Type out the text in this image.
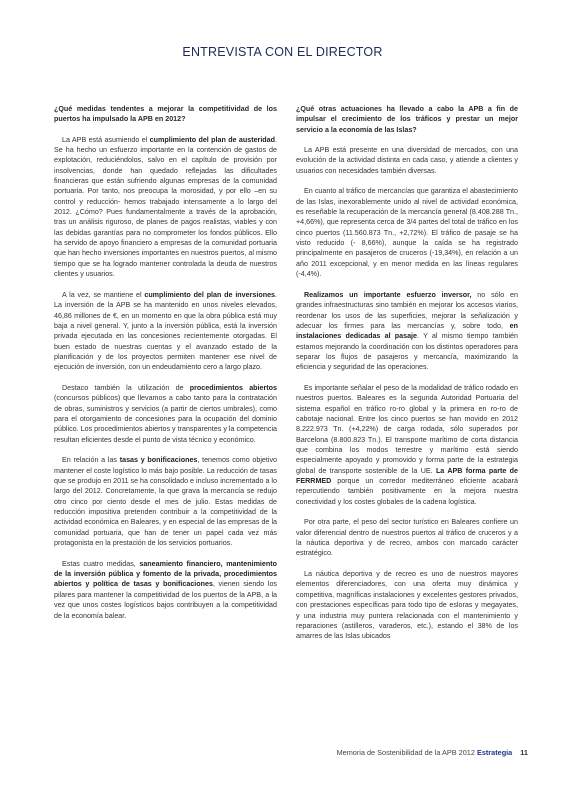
ENTREVISTA CON EL DIRECTOR
¿Qué medidas tendentes a mejorar la competitividad de los puertos ha impulsado la APB en 2012?
La APB está asumiendo el cumplimiento del plan de austeridad. Se ha hecho un esfuerzo importante en la contención de gastos de explotación, reduciéndolos, salvo en el capítulo de provisión por insolvencias, donde han quedado reflejadas las dificultades financieras que están sufriendo algunas empresas de la comunidad portuaria. Por tanto, nos preocupa la morosidad, y por ello –en su control y reducción- hemos trabajado intensamente a lo largo del 2012. ¿Cómo? Pues fundamentalmente a través de la aprobación, tras un análisis riguroso, de planes de pagos realistas, viables y con las debidas garantías para no comprometer los fondos públicos. Ello ha servido de apoyo financiero a empresas de la comunidad portuaria que han hecho inversiones importantes en nuestros puertos, al mismo tiempo que se ha logrado mantener controlada la deuda de nuestros clientes y usuarios.
A la vez, se mantiene el cumplimiento del plan de inversiones. La inversión de la APB se ha mantenido en unos niveles elevados, 46,86 millones de €, en un momento en que la obra pública está muy baja a nivel general. Y, junto a la inversión pública, está la inversión privada ejecutada en las concesiones recientemente otorgadas. El buen estado de nuestras cuentas y el avanzado estado de la planificación y de los proyectos permiten mantener ese nivel de ejecución de inversión, con un endeudamiento cero a largo plazo.
Destaco también la utilización de procedimientos abiertos (concursos públicos) que llevamos a cabo tanto para la contratación de obras, suministros y servicios (a partir de ciertos umbrales), como para el otorgamiento de concesiones para la ocupación del dominio público. Los procedimientos abiertos y transparentes y la competencia resultan eficientes desde el punto de vista técnico y económico.
En relación a las tasas y bonificaciones, tenemos como objetivo mantener el coste logístico lo más bajo posible. La reducción de tasas que se produjo en 2011 se ha consolidado e incluso incrementado a lo largo del 2012. Concretamente, la que grava la mercancía se redujo otro cinco por ciento desde el mes de julio. Estas medidas de reducción impositiva pretenden contribuir a la competitividad de la actividad económica en Baleares, y en especial de las empresas de la comunidad portuaria, que han de tener un papel cada vez más protagonista en la prestación de los servicios portuarios.
Estas cuatro medidas, saneamiento financiero, mantenimiento de la inversión pública y fomento de la privada, procedimientos abiertos y política de tasas y bonificaciones, vienen siendo los pilares para mantener la competitividad de los puertos de la APB, a la vez que unos costes logísticos bajos contribuyen a la competitividad de la economía balear.
¿Qué otras actuaciones ha llevado a cabo la APB a fin de impulsar el crecimiento de los tráficos y prestar un mejor servicio a la economía de las Islas?
La APB está presente en una diversidad de mercados, con una evolución de la actividad distinta en cada caso, y atiende a clientes y usuarios con necesidades también diversas.
En cuanto al tráfico de mercancías que garantiza el abastecimiento de las Islas, inexorablemente unido al nivel de actividad económica, es reseñable la recuperación de la mercancía general (8.408.288 Tn., +4,66%), que representa cerca de 3/4 partes del total de tráfico en los cinco puertos (11.560.873 Tn., +2,72%). El tráfico de pasaje se ha visto reducido (- 8,66%), aunque la caída se ha registrado principalmente en pasajeros de cruceros (-19,34%), en relación a un año 2011 excepcional, y en menor medida en las líneas regulares (-4,4%).
Realizamos un importante esfuerzo inversor, no sólo en grandes infraestructuras sino también en mejorar los accesos viarios, reordenar los usos de las superficies, mejorar la señalización y adecuar los firmes para las mercancías y, sobre todo, en instalaciones dedicadas al pasaje. Y al mismo tiempo también estamos mejorando la coordinación con los distintos operadores para separar los flujos de pasajeros y mercancía, maximizando la eficiencia y seguridad de las operaciones.
Es importante señalar el peso de la modalidad de tráfico rodado en nuestros puertos. Baleares es la segunda Autoridad Portuaria del sistema español en tráfico ro-ro global y la primera en ro-ro de cabotaje nacional. Entre los cinco puertos se han movido en 2012 8.222.973 Tn. (+4,22%) de carga rodada, sólo superados por Barcelona (8.800.823 Tn.). El transporte marítimo de corta distancia que combina los modos terrestre y marítimo está siendo especialmente apoyado y promovido y forma parte de la estrategia global de transporte sostenible de la UE. La APB forma parte de FERRMED porque un corredor mediterráneo eficiente acabará repercutiendo también positivamente en la mejora nuestra conectividad y los costes globales de la cadena logística.
Por otra parte, el peso del sector turístico en Baleares confiere un valor diferencial dentro de nuestros puertos al tráfico de cruceros y a la náutica deportiva y de recreo, ambos con marcado carácter estratégico.
La náutica deportiva y de recreo es uno de nuestros mayores elementos diferenciadores, con una oferta muy dinámica y competitiva, magníficas instalaciones y excelentes gestores privados, con prestaciones específicas para todo tipo de esloras y megayates, y una industria muy puntera relacionada con el mantenimiento y reparaciones (astilleros, varaderos, etc.), estando el 38% de los amarres de las Islas ubicados
Memoria de Sostenibilidad de la APB 2012 Estrategia 11
